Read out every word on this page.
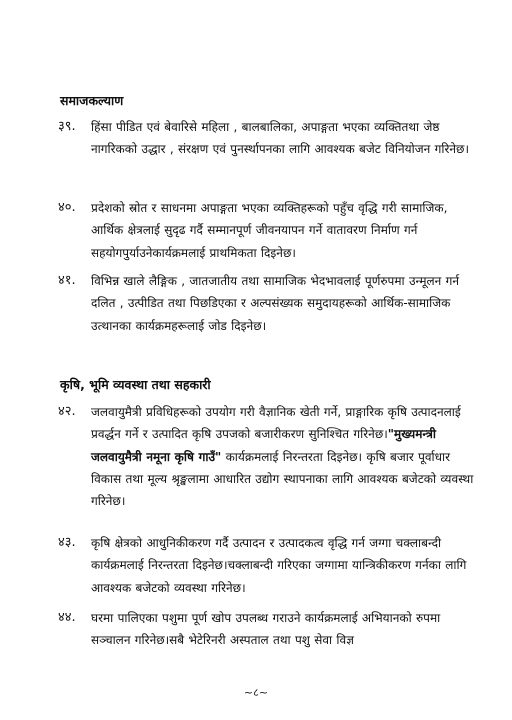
समाजकल्याण
३९. हिंसा पीडित एवं बेवारिसे महिला , बालबालिका, अपाङ्गता भएका व्यक्तितथा जेष्ठ नागरिकको उद्धार , संरक्षण एवं पुनर्स्थापनका लागि आवश्यक बजेट विनियोजन गरिनेछ।
४०. प्रदेशको स्रोत र साधनमा अपाङ्गता भएका व्यक्तिहरूको पहुँच वृद्धि गरी सामाजिक, आर्थिक क्षेत्रलाई सुदृढ गर्दै सम्मानपूर्ण जीवनयापन गर्ने वातावरण निर्माण गर्न सहयोगपुर्याउनेकार्यक्रमलाई प्राथमिकता दिइनेछ।
४१. विभिन्न खाले लैङ्गिक , जातजातीय तथा सामाजिक भेदभावलाई पूर्णरुपमा उन्मूलन गर्न दलित , उत्पीडित तथा पिछडिएका र अल्पसंख्यक समुदायहरूको आर्थिक-सामाजिक उत्थानका कार्यक्रमहरूलाई जोड दिइनेछ।
कृषि, भूमि व्यवस्था तथा सहकारी
४२. जलवायुमैत्री प्रविधिहरूको उपयोग गरी वैज्ञानिक खेती गर्ने, प्राङ्गारिक कृषि उत्पादनलाई प्रवर्द्धन गर्ने र उत्पादित कृषि उपजको बजारीकरण सुनिश्चित गरिनेछ।"मुख्यमन्त्री जलवायुमैत्री नमूना कृषि गाउँ" कार्यक्रमलाई निरन्तरता दिइनेछ। कृषि बजार पूर्वाधार विकास तथा मूल्य श्रृङ्खलामा आधारित उद्योग स्थापनाका लागि आवश्यक बजेटको व्यवस्था गरिनेछ।
४३. कृषि क्षेत्रको आधुनिकीकरण गर्दै उत्पादन र उत्पादकत्व वृद्धि गर्न जग्गा चक्लाबन्दी कार्यक्रमलाई निरन्तरता दिइनेछ।चक्लाबन्दी गरिएका जग्गामा यान्त्रिकीकरण गर्नका लागि आवश्यक बजेटको व्यवस्था गरिनेछ।
४४. घरमा पालिएका पशुमा पूर्ण खोप उपलब्ध गराउने कार्यक्रमलाई अभियानको रुपमा सञ्चालन गरिनेछ।सबै भेटेरिनरी अस्पताल तथा पशु सेवा विज्ञ
~८~
